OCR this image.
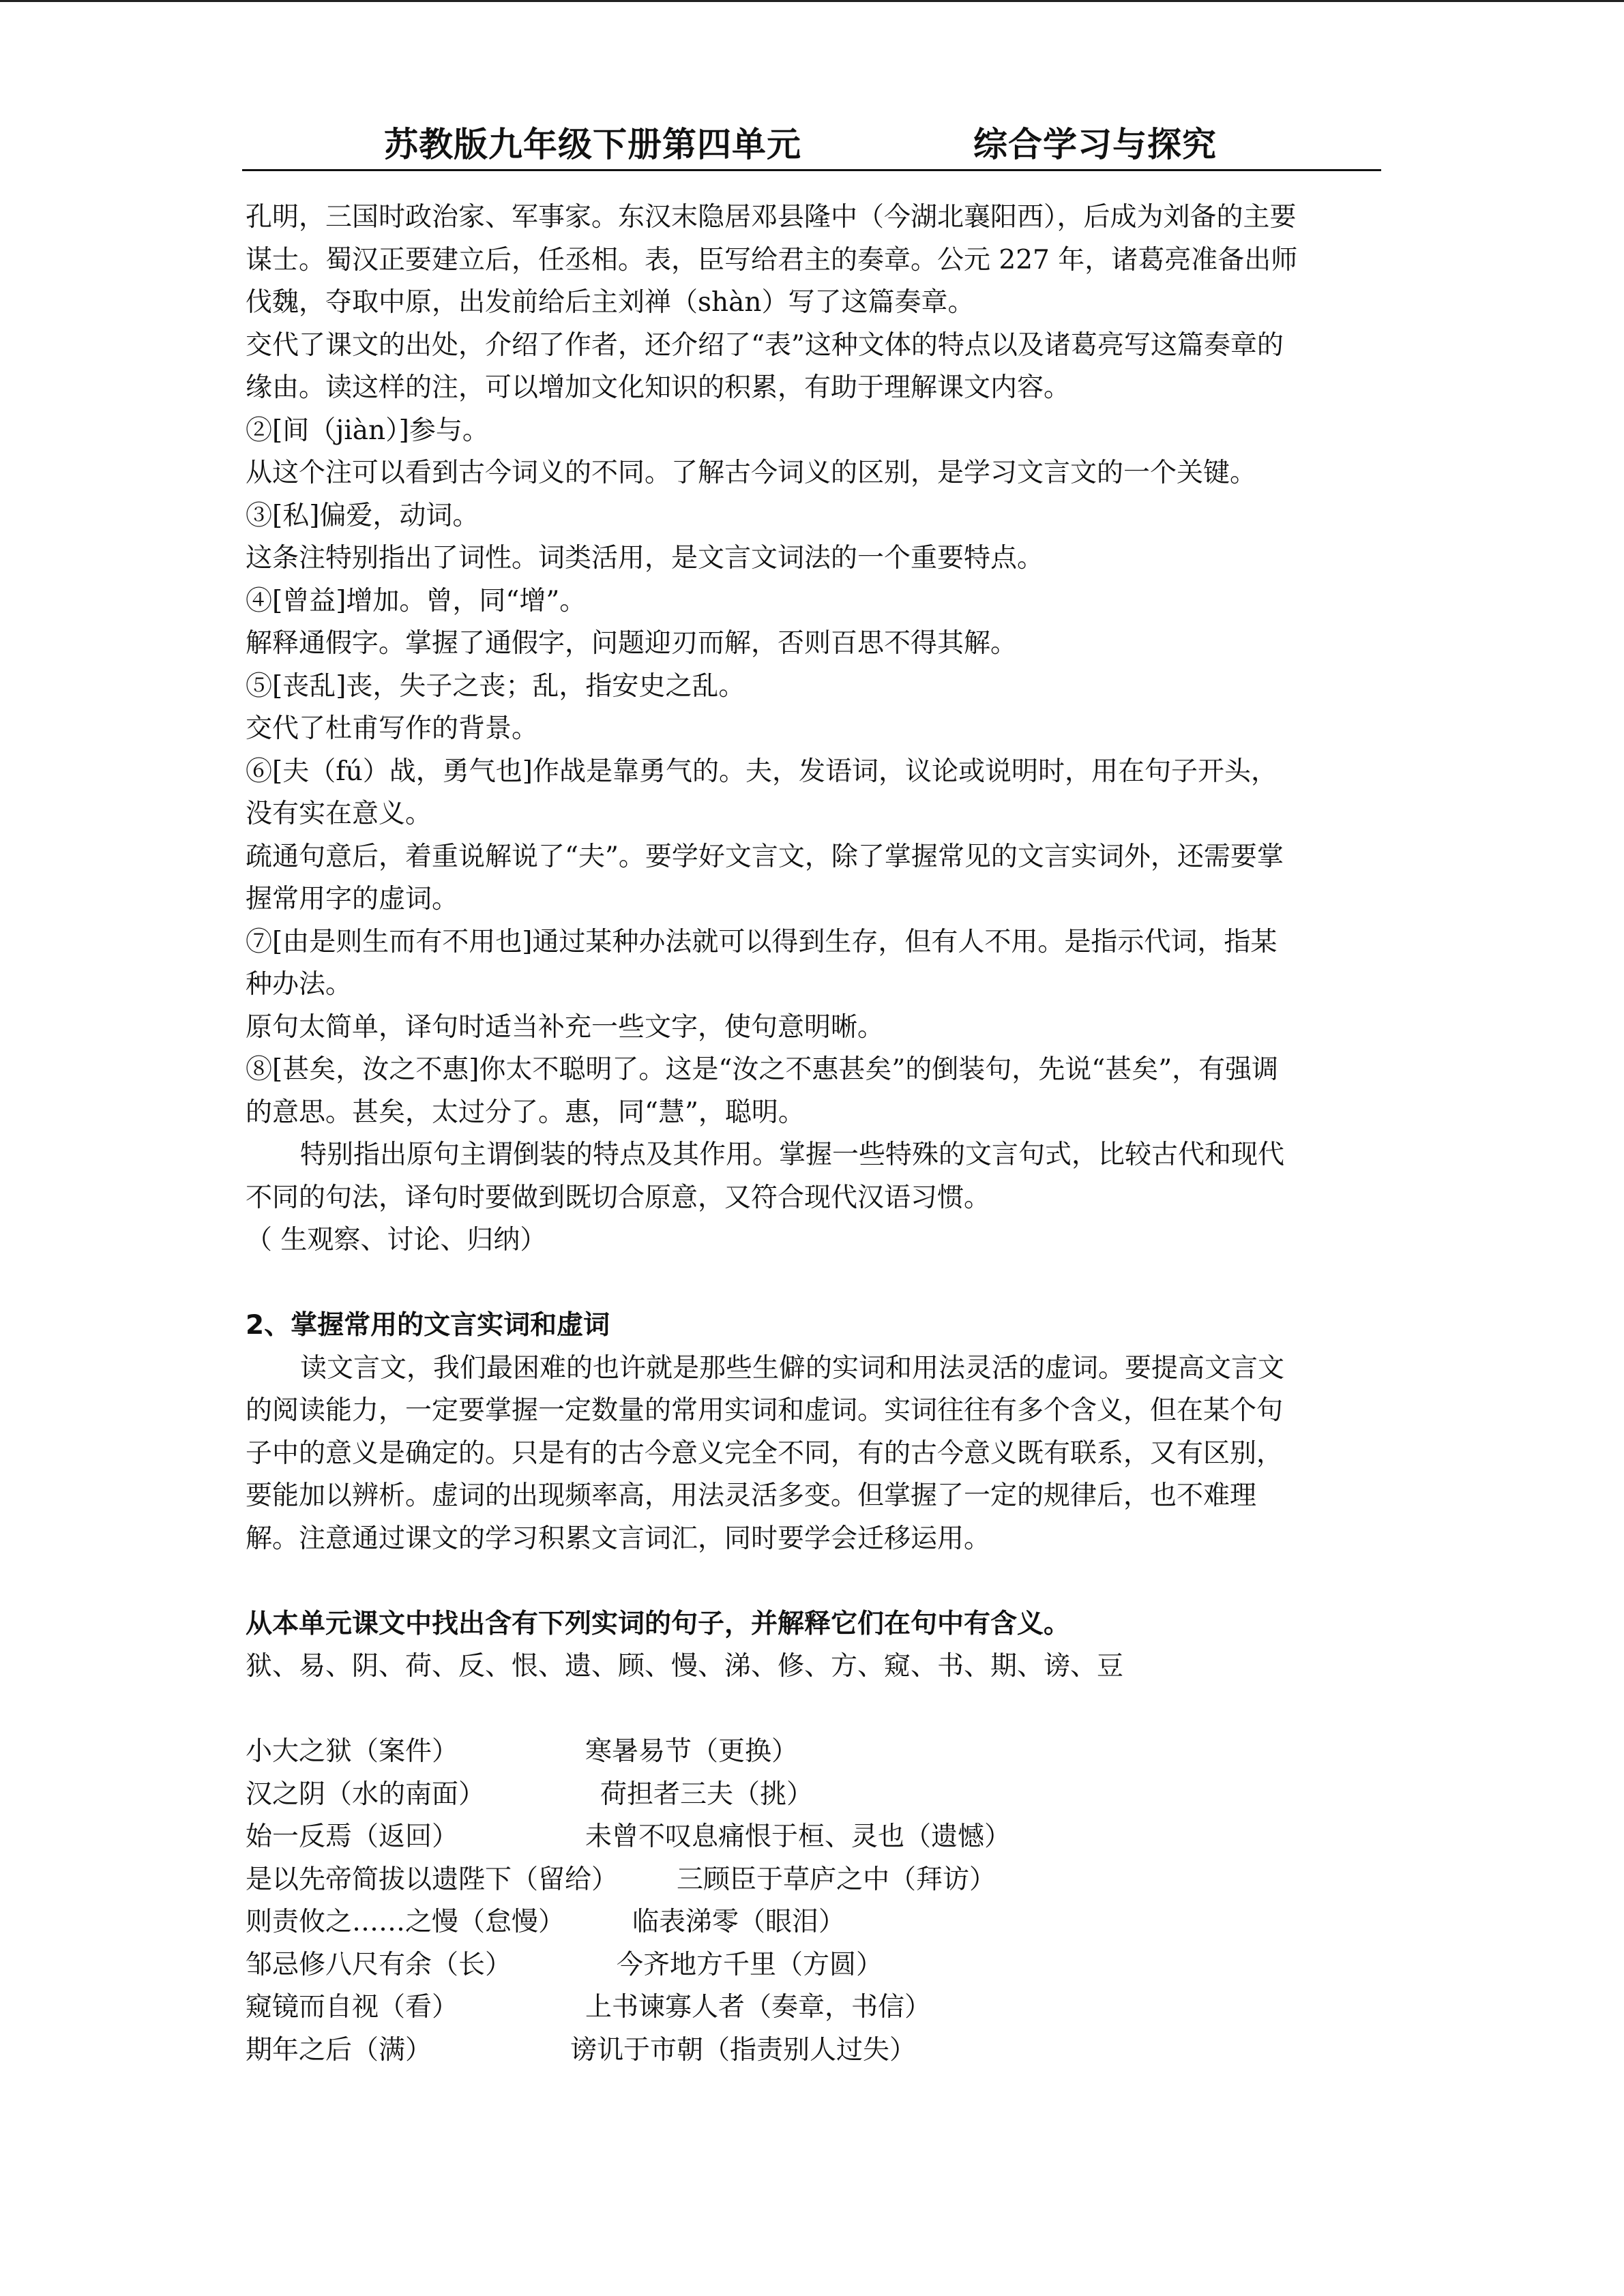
苏教版九年级下册第四单元	综合学习与探究
孔明，三国时政治家、军事家。东汉末隐居邓县隆中（今湖北襄阳西），后成为刘备的主要
谋士。蜀汉正要建立后，任丞相。表，臣写给君主的奏章。公元 227 年，诸葛亮准备出师
伐魏，夺取中原，出发前给后主刘禅（shàn）写了这篇奏章。
交代了课文的出处，介绍了作者，还介绍了“表”这种文体的特点以及诸葛亮写这篇奏章的
缘由。读这样的注，可以增加文化知识的积累，有助于理解课文内容。
②[间（jiàn）]参与。
从这个注可以看到古今词义的不同。了解古今词义的区别，是学习文言文的一个关键。
③[私]偏爱，动词。
这条注特别指出了词性。词类活用，是文言文词法的一个重要特点。
④[曾益]增加。曾，同“增”。
解释通假字。掌握了通假字，问题迎刃而解，否则百思不得其解。
⑤[丧乱]丧，失子之丧；乱，指安史之乱。
交代了杜甫写作的背景。
⑥[夫（fú）战，勇气也]作战是靠勇气的。夫，发语词，议论或说明时，用在句子开头，
没有实在意义。
疏通句意后，着重说解说了“夫”。要学好文言文，除了掌握常见的文言实词外，还需要掌
握常用字的虚词。
⑦[由是则生而有不用也]通过某种办法就可以得到生存，但有人不用。是指示代词，指某
种办法。
原句太简单，译句时适当补充一些文字，使句意明晰。
⑧[甚矣，汝之不惠]你太不聪明了。这是“汝之不惠甚矣”的倒装句，先说“甚矣”，有强调
的意思。甚矣，太过分了。惠，同“慧”，聪明。
特别指出原句主谓倒装的特点及其作用。掌握一些特殊的文言句式，比较古代和现代
不同的句法，译句时要做到既切合原意，又符合现代汉语习惯。
（ 生观察、讨论、归纳）
2、掌握常用的文言实词和虚词
读文言文，我们最困难的也许就是那些生僻的实词和用法灵活的虚词。要提高文言文
的阅读能力，一定要掌握一定数量的常用实词和虚词。实词往往有多个含义，但在某个句
子中的意义是确定的。只是有的古今意义完全不同，有的古今意义既有联系，又有区别，
要能加以辨析。虚词的出现频率高，用法灵活多变。但掌握了一定的规律后，也不难理
解。注意通过课文的学习积累文言词汇，同时要学会迁移运用。
从本单元课文中找出含有下列实词的句子，并解释它们在句中有含义。
狱、易、阴、荷、反、恨、遗、顾、慢、涕、修、方、窥、书、期、谤、豆
小大之狱（案件）	寒暑易节（更换）
汉之阴（水的南面）	荷担者三夫（挑）
始一反焉（返回）	未曾不叹息痛恨于桓、灵也（遗憾）
是以先帝简拔以遗陛下（留给） 三顾臣于草庐之中（拜访）
则责攸之……之慢（怠慢）	临表涕零（眼泪）
邹忌修八尺有余（长）	今齐地方千里（方圆）
窥镜而自视（看）	上书谏寡人者（奏章，书信）
期年之后（满）	谤讥于市朝（指责别人过失）
